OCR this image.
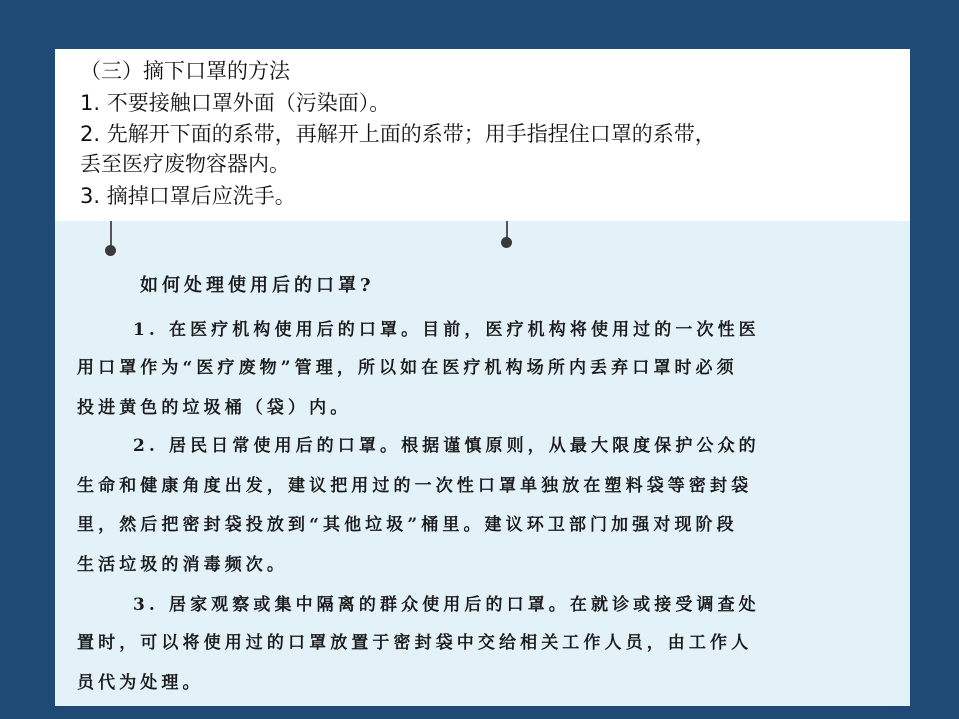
（三）摘下口罩的方法
1. 不要接触口罩外面（污染面）。
2. 先解开下面的系带，再解开上面的系带；用手指捏住口罩的系带，
丢至医疗废物容器内。
3. 摘掉口罩后应洗手。
如何处理使用后的口罩?
1. 在医疗机构使用后的口罩。目前，医疗机构将使用过的一次性医
用口罩作为“医疗废物”管理，所以如在医疗机构场所内丢弃口罩时必须
投进黄色的垃圾桶（袋）内。
2. 居民日常使用后的口罩。根据谨慎原则，从最大限度保护公众的
生命和健康角度出发，建议把用过的一次性口罩单独放在塑料袋等密封袋
里，然后把密封袋投放到“其他垃圾”桶里。建议环卫部门加强对现阶段
生活垃圾的消毒频次。
3. 居家观察或集中隔离的群众使用后的口罩。在就诊或接受调查处
置时，可以将使用过的口罩放置于密封袋中交给相关工作人员，由工作人
员代为处理。
